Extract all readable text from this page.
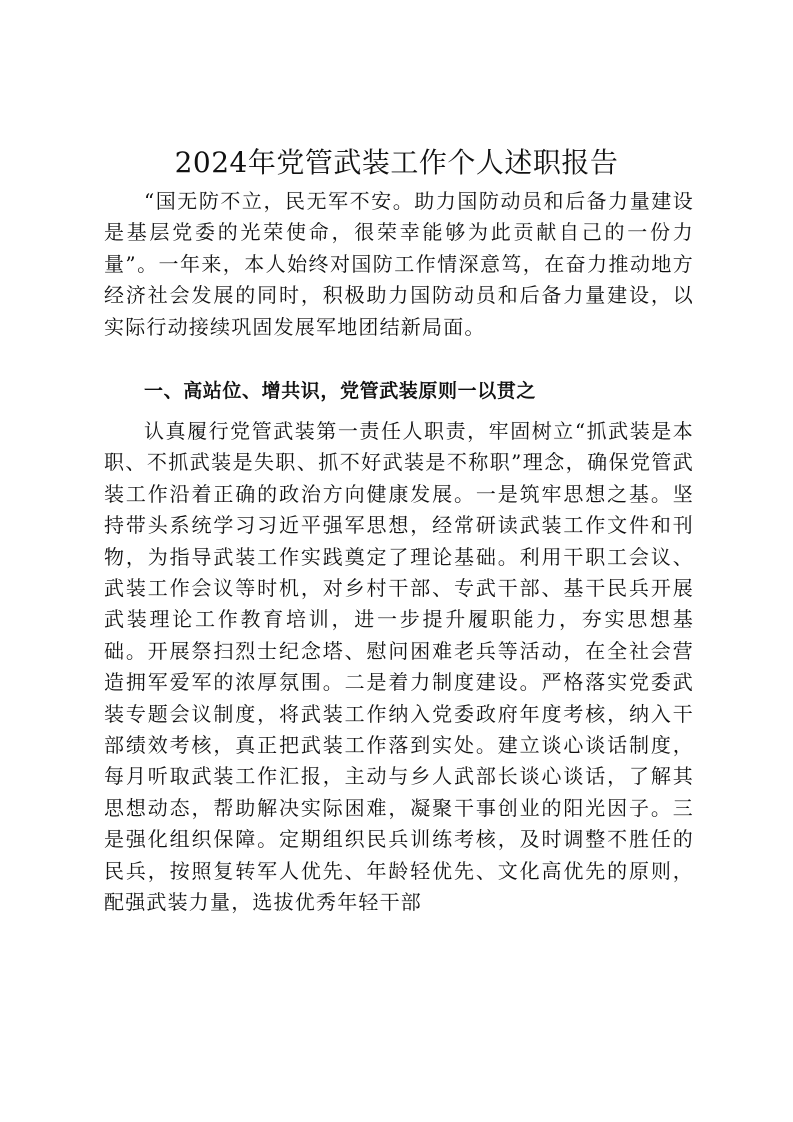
2024年党管武装工作个人述职报告

“国无防不立，民无军不安。助力国防动员和后备力量建设是基层党委的光荣使命，很荣幸能够为此贡献自己的一份力量”。一年来，本人始终对国防工作情深意笃，在奋力推动地方经济社会发展的同时，积极助力国防动员和后备力量建设，以实际行动接续巩固发展军地团结新局面。

一、高站位、增共识，党管武装原则一以贯之

认真履行党管武装第一责任人职责，牢固树立“抓武装是本职、不抓武装是失职、抓不好武装是不称职”理念，确保党管武装工作沿着正确的政治方向健康发展。一是筑牢思想之基。坚持带头系统学习习近平强军思想，经常研读武装工作文件和刊物，为指导武装工作实践奠定了理论基础。利用干职工会议、武装工作会议等时机，对乡村干部、专武干部、基干民兵开展武装理论工作教育培训，进一步提升履职能力，夯实思想基础。开展祭扫烈士纪念塔、慰问困难老兵等活动，在全社会营造拥军爱军的浓厚氛围。二是着力制度建设。严格落实党委武装专题会议制度，将武装工作纳入党委政府年度考核，纳入干部绩效考核，真正把武装工作落到实处。建立谈心谈话制度，每月听取武装工作汇报，主动与乡人武部长谈心谈话，了解其思想动态，帮助解决实际困难，凝聚干事创业的阳光因子。三是强化组织保障。定期组织民兵训练考核，及时调整不胜任的民兵，按照复转军人优先、年龄轻优先、文化高优先的原则，配强武装力量，选拔优秀年轻干部
